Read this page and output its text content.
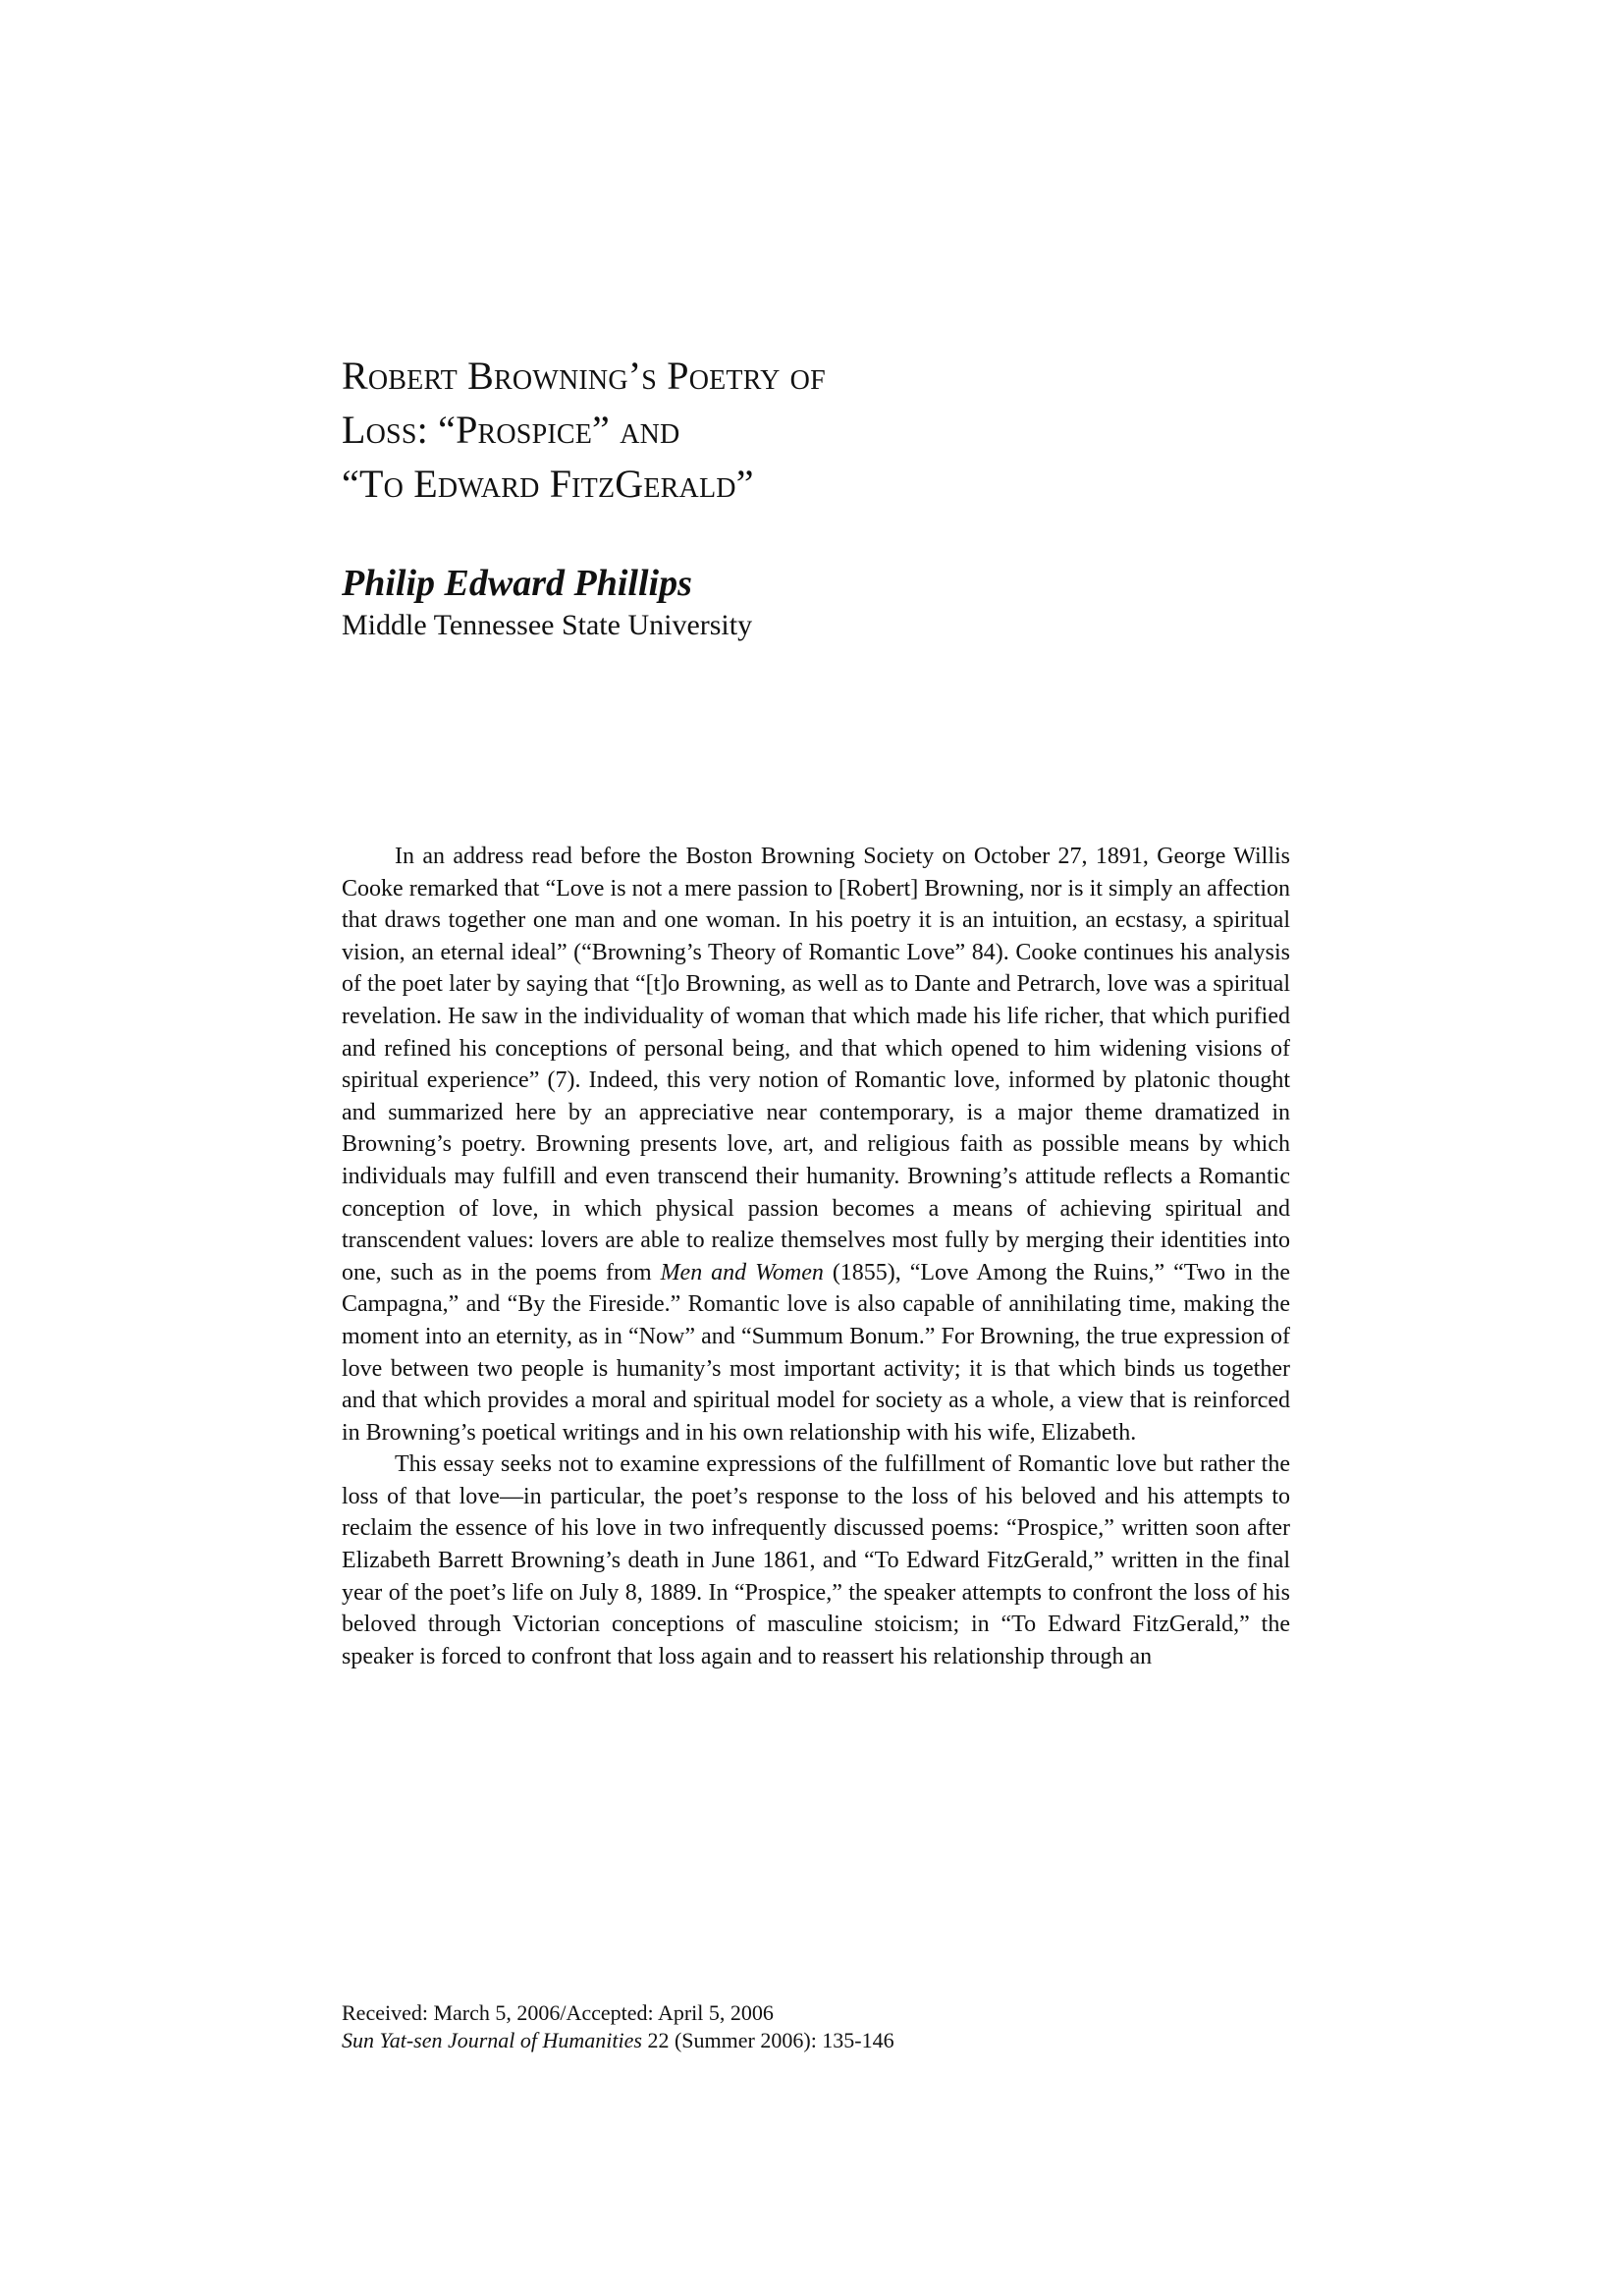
Robert Browning’s Poetry of
Loss: “Prospice” and
“To Edward FitzGerald”
Philip Edward Phillips
Middle Tennessee State University

In an address read before the Boston Browning Society on October 27, 1891, George Willis Cooke remarked that “Love is not a mere passion to [Robert] Browning, nor is it simply an affection that draws together one man and one woman. In his poetry it is an intuition, an ecstasy, a spiritual vision, an eternal ideal” (“Browning’s Theory of Romantic Love” 84). Cooke continues his analysis of the poet later by saying that “[t]o Browning, as well as to Dante and Petrarch, love was a spiritual revelation. He saw in the individuality of woman that which made his life richer, that which purified and refined his conceptions of personal being, and that which opened to him widening visions of spiritual experience” (7). Indeed, this very notion of Romantic love, informed by platonic thought and summarized here by an appreciative near contemporary, is a major theme dramatized in Browning’s poetry. Browning presents love, art, and religious faith as possible means by which individuals may fulfill and even transcend their humanity. Browning’s attitude reflects a Romantic conception of love, in which physical passion becomes a means of achieving spiritual and transcendent values: lovers are able to realize themselves most fully by merging their identities into one, such as in the poems from Men and Women (1855), “Love Among the Ruins,” “Two in the Campagna,” and “By the Fireside.” Romantic love is also capable of annihilating time, making the moment into an eternity, as in “Now” and “Summum Bonum.” For Browning, the true expression of love between two people is humanity’s most important activity; it is that which binds us together and that which provides a moral and spiritual model for society as a whole, a view that is reinforced in Browning’s poetical writings and in his own relationship with his wife, Elizabeth.

This essay seeks not to examine expressions of the fulfillment of Romantic love but rather the loss of that love—in particular, the poet’s response to the loss of his beloved and his attempts to reclaim the essence of his love in two infrequently discussed poems: “Prospice,” written soon after Elizabeth Barrett Browning’s death in June 1861, and “To Edward FitzGerald,” written in the final year of the poet’s life on July 8, 1889. In “Prospice,” the speaker attempts to confront the loss of his beloved through Victorian conceptions of masculine stoicism; in “To Edward FitzGerald,” the speaker is forced to confront that loss again and to reassert his relationship through an

Received: March 5, 2006/Accepted: April 5, 2006
Sun Yat-sen Journal of Humanities 22 (Summer 2006): 135-146
